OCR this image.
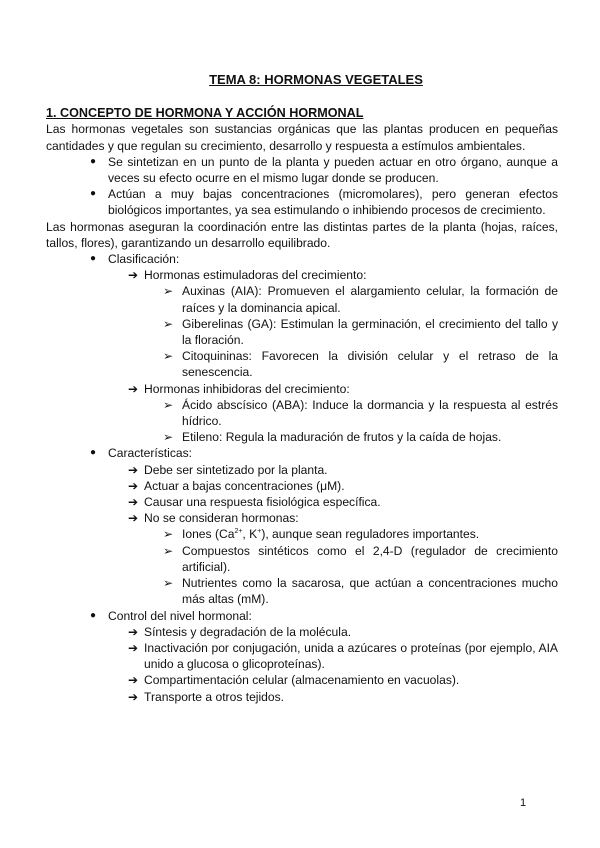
TEMA 8: HORMONAS VEGETALES
1. CONCEPTO DE HORMONA Y ACCIÓN HORMONAL

Las hormonas vegetales son sustancias orgánicas que las plantas producen en pequeñas cantidades y que regulan su crecimiento, desarrollo y respuesta a estímulos ambientales.

● Se sintetizan en un punto de la planta y pueden actuar en otro órgano, aunque a veces su efecto ocurre en el mismo lugar donde se producen.
● Actúan a muy bajas concentraciones (micromolares), pero generan efectos biológicos importantes, ya sea estimulando o inhibiendo procesos de crecimiento.

Las hormonas aseguran la coordinación entre las distintas partes de la planta (hojas, raíces, tallos, flores), garantizando un desarrollo equilibrado.

● Clasificación:
➔ Hormonas estimuladoras del crecimiento:
➢ Auxinas (AIA): Promueven el alargamiento celular, la formación de raíces y la dominancia apical.
➢ Giberelinas (GA): Estimulan la germinación, el crecimiento del tallo y la floración.
➢ Citoquininas: Favorecen la división celular y el retraso de la senescencia.
➔ Hormonas inhibidoras del crecimiento:
➢ Ácido abscísico (ABA): Induce la dormancia y la respuesta al estrés hídrico.
➢ Etileno: Regula la maduración de frutos y la caída de hojas.
● Características:
➔ Debe ser sintetizado por la planta.
➔ Actuar a bajas concentraciones (μM).
➔ Causar una respuesta fisiológica específica.
➔ No se consideran hormonas:
➢ Iones ($Ca^{2+}$, K+), aunque sean reguladores importantes.
➢ Compuestos sintéticos como el 2,4-D (regulador de crecimiento artificial).
➢ Nutrientes como la sacarosa, que actúan a concentraciones mucho más altas (mM).
● Control del nivel hormonal:
➔ Síntesis y degradación de la molécula.
➔ Inactivación por conjugación, unida a azúcares o proteínas (por ejemplo, AIA unido a glucosa o glicoproteínas).
➔ Compartimentación celular (almacenamiento en vacuolas).
➔ Transporte a otros tejidos.
1
